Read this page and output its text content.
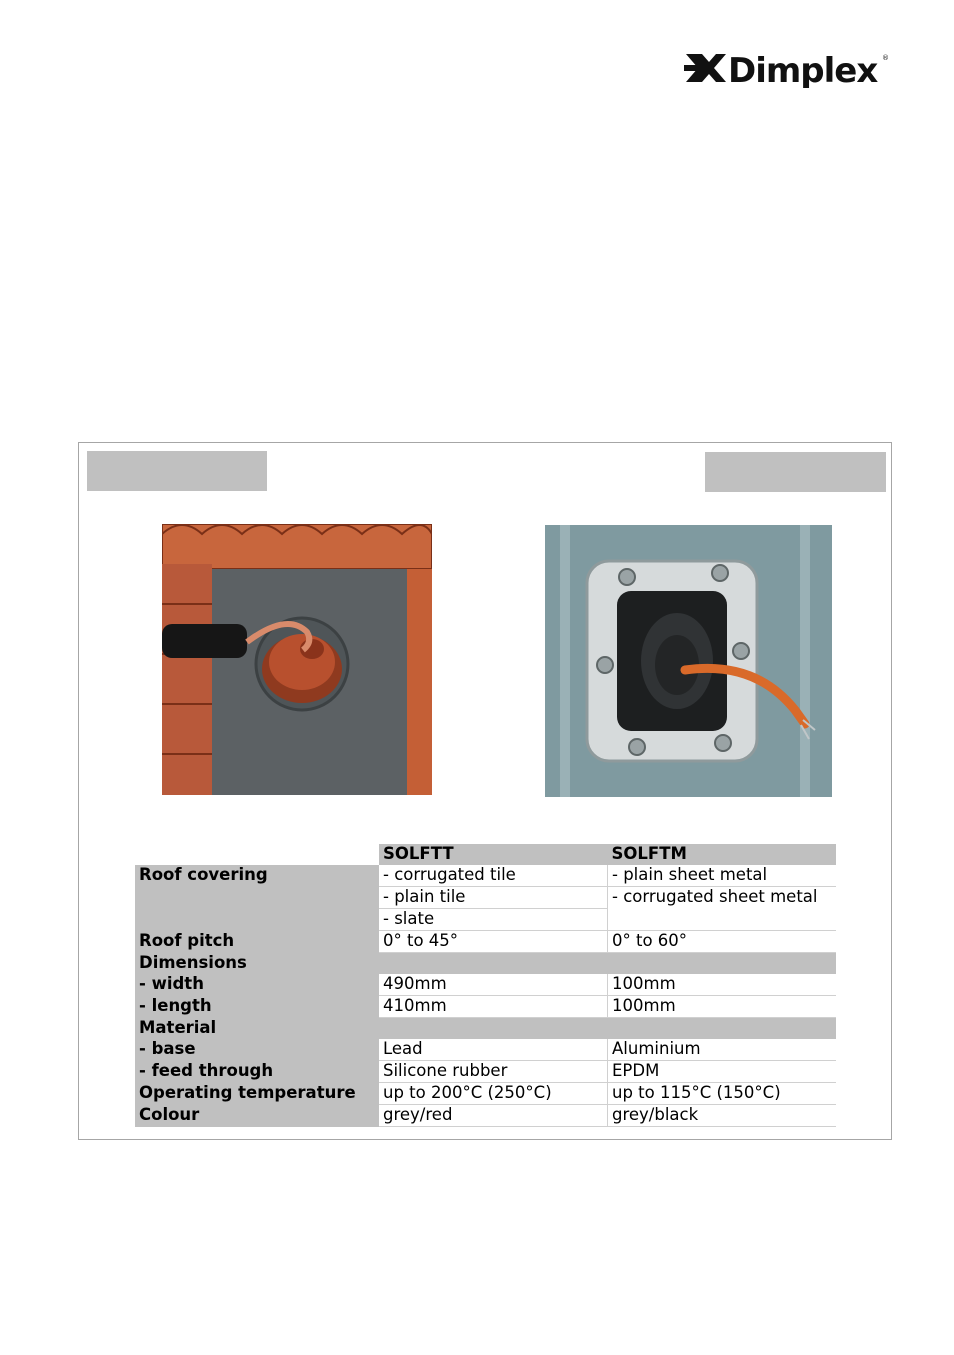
Dimplex ®
	SOLFTT	SOLFTM
Roof covering	- corrugated tile	- plain sheet metal
	- plain tile	- corrugated sheet metal
	- slate	
Roof pitch	0° to 45°	0° to 60°
Dimensions		
- width	490mm	100mm
- length	410mm	100mm
Material		
- base	Lead	Aluminium
- feed through	Silicone rubber	EPDM
Operating temperature	up to 200°C (250°C)	up to 115°C (150°C)
Colour	grey/red	grey/black
